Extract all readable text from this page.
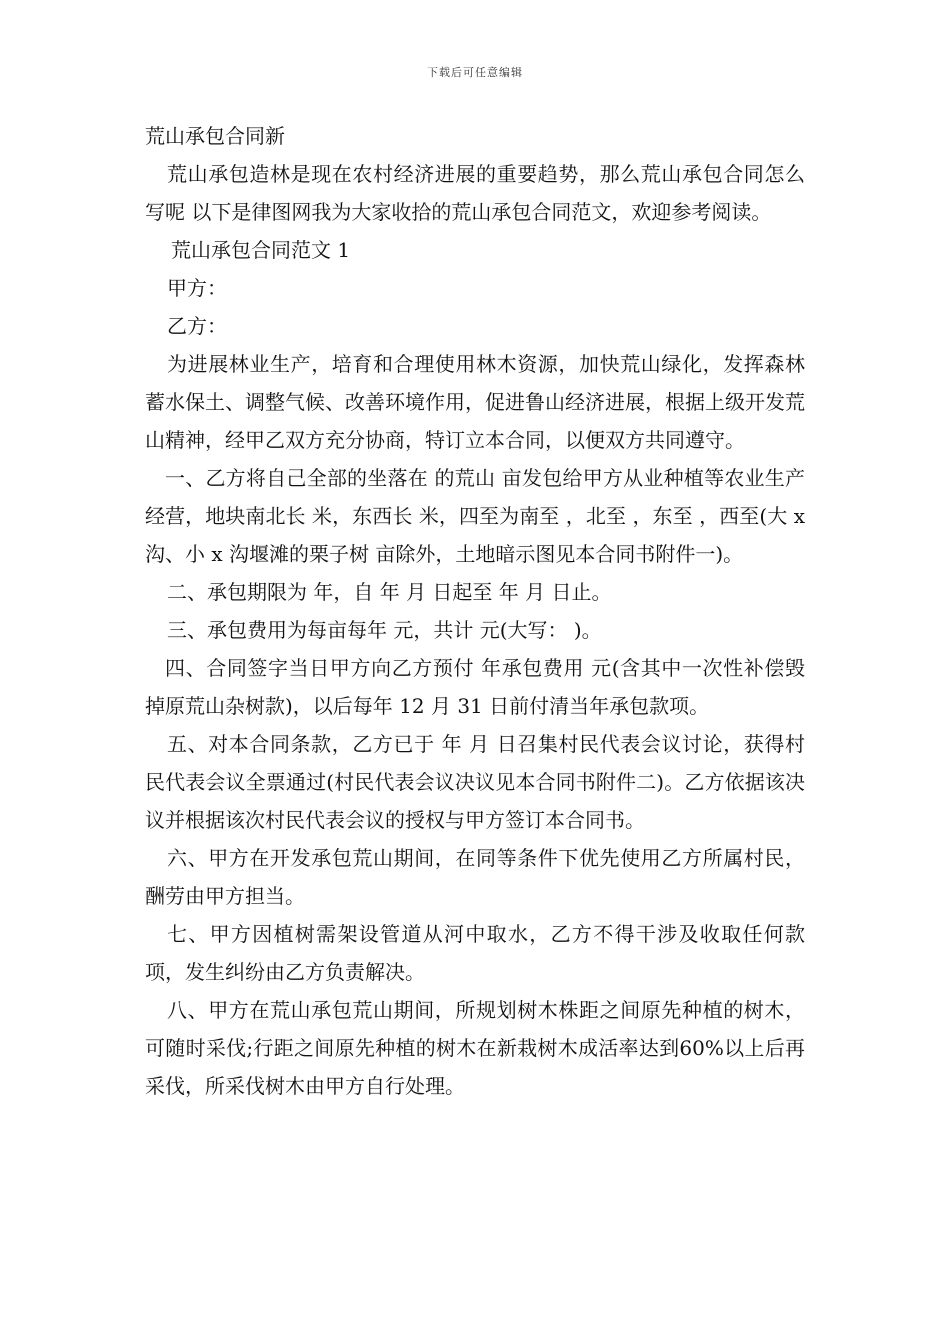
下载后可任意编辑

荒山承包合同新

荒山承包造林是现在农村经济进展的重要趋势，那么荒山承包合同怎么写呢 以下是律图网我为大家收拾的荒山承包合同范文，欢迎参考阅读。

荒山承包合同范文 1

甲方：

乙方：

为进展林业生产，培育和合理使用林木资源，加快荒山绿化，发挥森林蓄水保土、调整气候、改善环境作用，促进鲁山经济进展，根据上级开发荒山精神，经甲乙双方充分协商，特订立本合同，以便双方共同遵守。

一、乙方将自己全部的坐落在 的荒山 亩发包给甲方从业种植等农业生产经营，地块南北长 米，东西长 米，四至为南至 ，北至 ，东至 ，西至(大 x 沟、小 x 沟堰滩的栗子树 亩除外，土地暗示图见本合同书附件一)。

二、承包期限为 年，自 年 月 日起至 年 月 日止。

三、承包费用为每亩每年 元，共计 元(大写： )。

四、合同签字当日甲方向乙方预付 年承包费用 元(含其中一次性补偿毁掉原荒山杂树款)，以后每年 12 月 31 日前付清当年承包款项。

五、对本合同条款，乙方已于 年 月 日召集村民代表会议讨论，获得村民代表会议全票通过(村民代表会议决议见本合同书附件二)。乙方依据该决议并根据该次村民代表会议的授权与甲方签订本合同书。

六、甲方在开发承包荒山期间，在同等条件下优先使用乙方所属村民，酬劳由甲方担当。

七、甲方因植树需架设管道从河中取水，乙方不得干涉及收取任何款项，发生纠纷由乙方负责解决。

八、甲方在荒山承包荒山期间，所规划树木株距之间原先种植的树木，可随时采伐;行距之间原先种植的树木在新栽树木成活率达到60%以上后再采伐，所采伐树木由甲方自行处理。
